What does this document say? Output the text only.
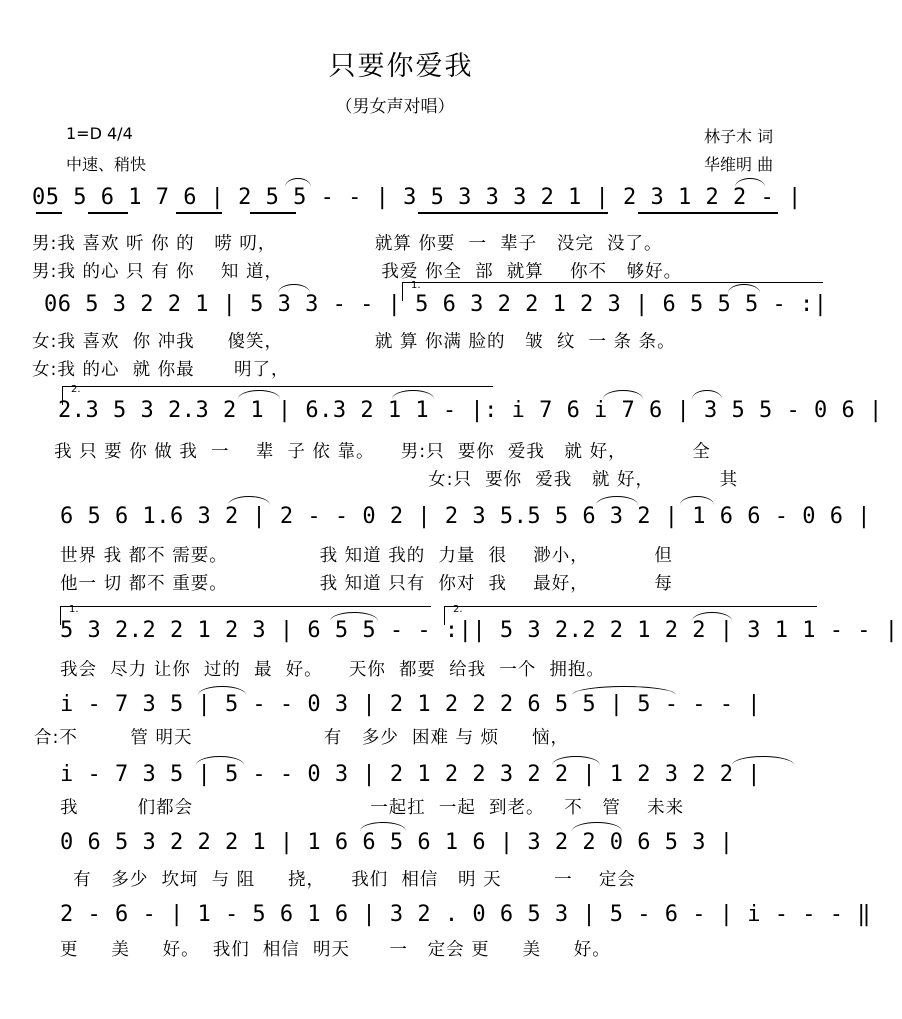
只要你爱我
（男女声对唱）
1=D 4/4
中速、稍快
林子木 词
华维明 曲
05 5 6 1 7 6 | 2 5 5 - - | 3 5 3 3 3 2 1 | 2 3 1 2 2 - |
男:我 喜欢 听 你 的   唠 叨，               就算 你要  一  辈子   没完  没了。
男:我 的心 只 有 你    知 道，               我爱 你全  部  就算    你不   够好。
1.
06 5 3 2 2 1 | 5 3 3 - - | 5 6 3 2 2 1 2 3 | 6 5 5 5 - :|
女:我 喜欢  你 冲我     傻笑，              就 算 你满 脸的   皱  纹  一 条 条。
女:我 的心  就 你最      明了，
2.
2.3 5 3 2.3 2 1 | 6.3 2 1 1 - |: i 7 6 i 7 6 | 3 5 5 - 0 6 |
我 只 要 你 做 我  一    辈  子 依 靠。    男:只  要你  爱我   就 好，          全
女:只  要你  爱我   就 好，          其
6 5 6 1.6 3 2 | 2 - - 0 2 | 2 3 5.5 5 6 3 2 | 1 6 6 - 0 6 |
世界 我 都不 需要。              我 知道 我的  力量  很    渺小，          但
他一 切 都不 重要。              我 知道 只有  你对  我    最好，          每
1.	2.
5 3 2.2 2 1 2 3 | 6 5 5 - - :|| 5 3 2.2 2 1 2 2 | 3 1 1 - - |
我会  尽力 让你  过的  最  好。    天你  都要  给我  一个  拥抱。
i - 7 3 5 | 5 - - 0 3 | 2 1 2 2 2 6 5 5 | 5 - - - |
合:不        管 明天                    有   多少  困难 与 烦     恼，
i - 7 3 5 | 5 - - 0 3 | 2 1 2 2 3 2 2 | 1 2 3 2 2 |
我         们都会                           一起扛  一起  到老。   不   管    未来
0 6 5 3 2 2 2 1 | 1 6 6 5 6 1 6 | 3 2 2 0 6 5 3 |
有   多少  坎坷  与 阻     挠，    我们  相信   明 天        一    定会
2 - 6 - | 1 - 5 6 1 6 | 3 2 . 0 6 5 3 | 5 - 6 - | i - - - ‖
更     美     好。  我们  相信  明天      一   定会 更     美     好。
